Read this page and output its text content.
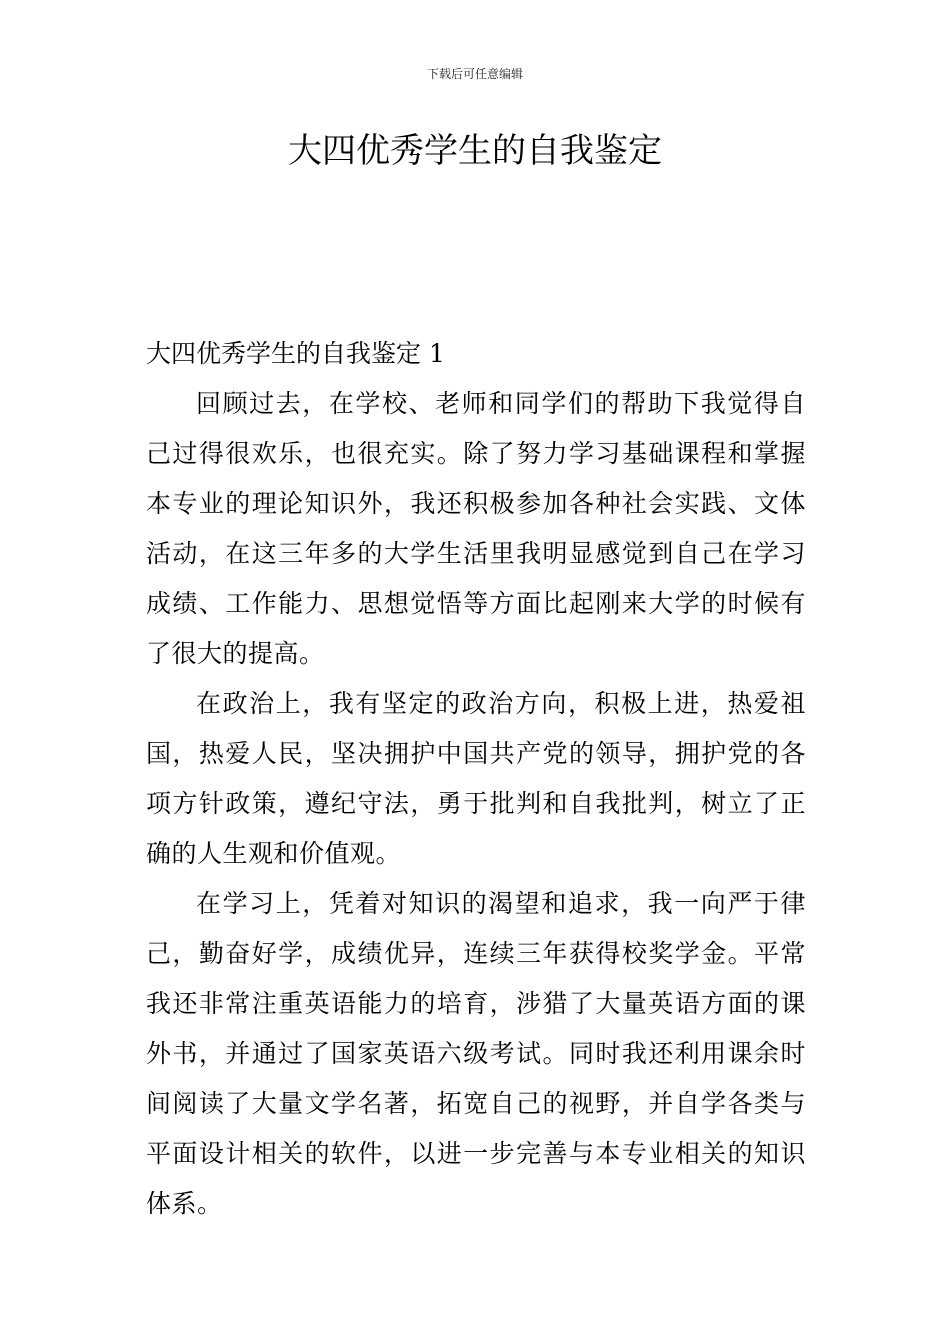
下载后可任意编辑
大四优秀学生的自我鉴定

大四优秀学生的自我鉴定 1

回顾过去，在学校、老师和同学们的帮助下我觉得自己过得很欢乐，也很充实。除了努力学习基础课程和掌握本专业的理论知识外，我还积极参加各种社会实践、文体活动，在这三年多的大学生活里我明显感觉到自己在学习成绩、工作能力、思想觉悟等方面比起刚来大学的时候有了很大的提高。

在政治上，我有坚定的政治方向，积极上进，热爱祖国，热爱人民，坚决拥护中国共产党的领导，拥护党的各项方针政策，遵纪守法，勇于批判和自我批判，树立了正确的人生观和价值观。

在学习上，凭着对知识的渴望和追求，我一向严于律己，勤奋好学，成绩优异，连续三年获得校奖学金。平常我还非常注重英语能力的培育，涉猎了大量英语方面的课外书，并通过了国家英语六级考试。同时我还利用课余时间阅读了大量文学名著，拓宽自己的视野，并自学各类与平面设计相关的软件，以进一步完善与本专业相关的知识体系。
